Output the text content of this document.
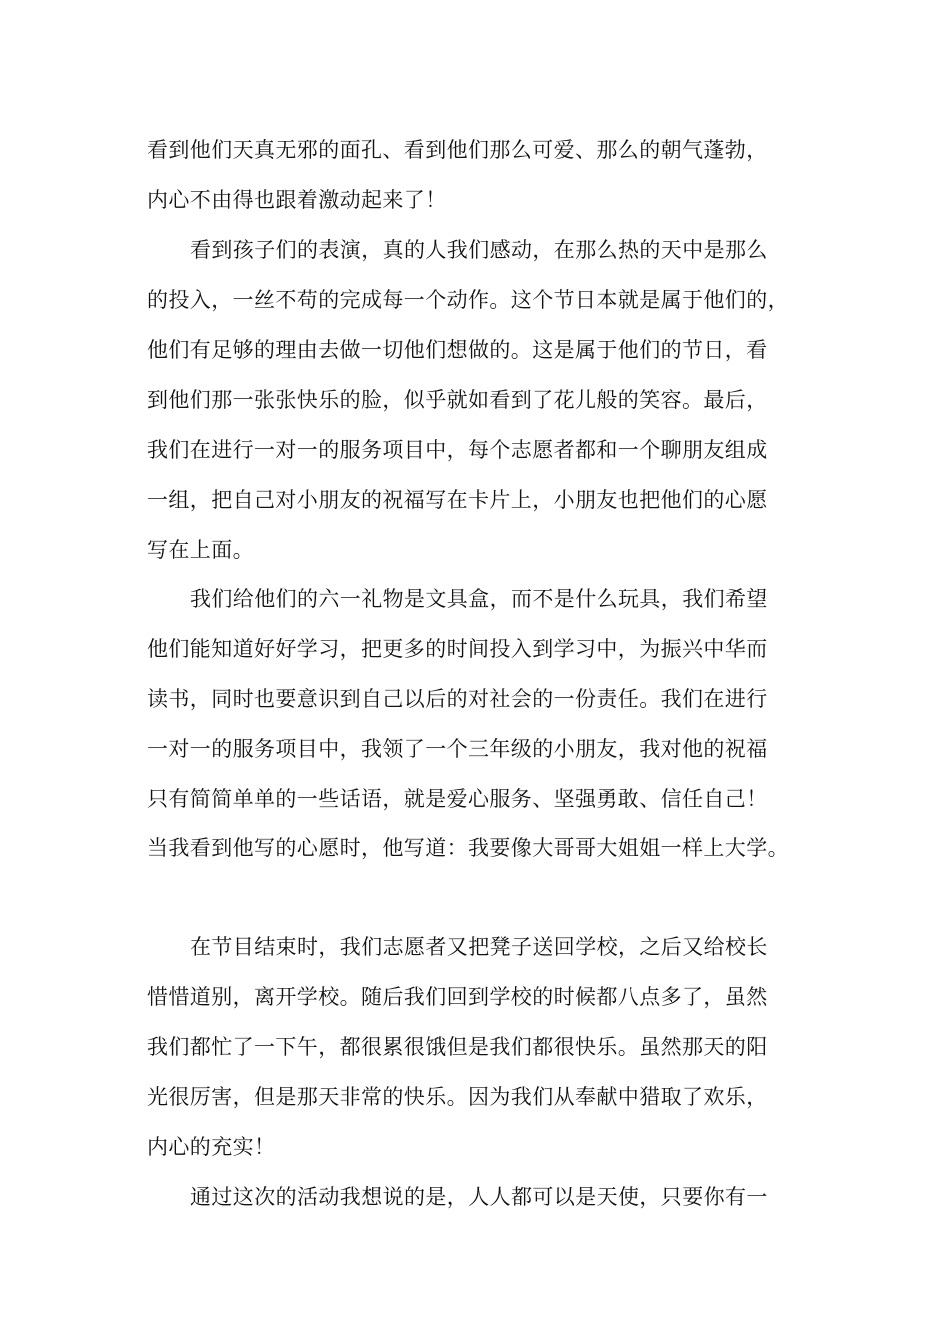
看到他们天真无邪的面孔、看到他们那么可爱、那么的朝气蓬勃，
内心不由得也跟着激动起来了！
看到孩子们的表演，真的人我们感动，在那么热的天中是那么
的投入，一丝不苟的完成每一个动作。这个节日本就是属于他们的，
他们有足够的理由去做一切他们想做的。这是属于他们的节日，看
到他们那一张张快乐的脸，似乎就如看到了花儿般的笑容。最后，
我们在进行一对一的服务项目中，每个志愿者都和一个聊朋友组成
一组，把自己对小朋友的祝福写在卡片上，小朋友也把他们的心愿
写在上面。
我们给他们的六一礼物是文具盒，而不是什么玩具，我们希望
他们能知道好好学习，把更多的时间投入到学习中，为振兴中华而
读书，同时也要意识到自己以后的对社会的一份责任。我们在进行
一对一的服务项目中，我领了一个三年级的小朋友，我对他的祝福
只有简简单单的一些话语，就是爱心服务、坚强勇敢、信任自己！
当我看到他写的心愿时，他写道：我要像大哥哥大姐姐一样上大学。
在节目结束时，我们志愿者又把凳子送回学校，之后又给校长
惜惜道别，离开学校。随后我们回到学校的时候都八点多了，虽然
我们都忙了一下午，都很累很饿但是我们都很快乐。虽然那天的阳
光很厉害，但是那天非常的快乐。因为我们从奉献中猎取了欢乐，
内心的充实！
通过这次的活动我想说的是，人人都可以是天使，只要你有一
